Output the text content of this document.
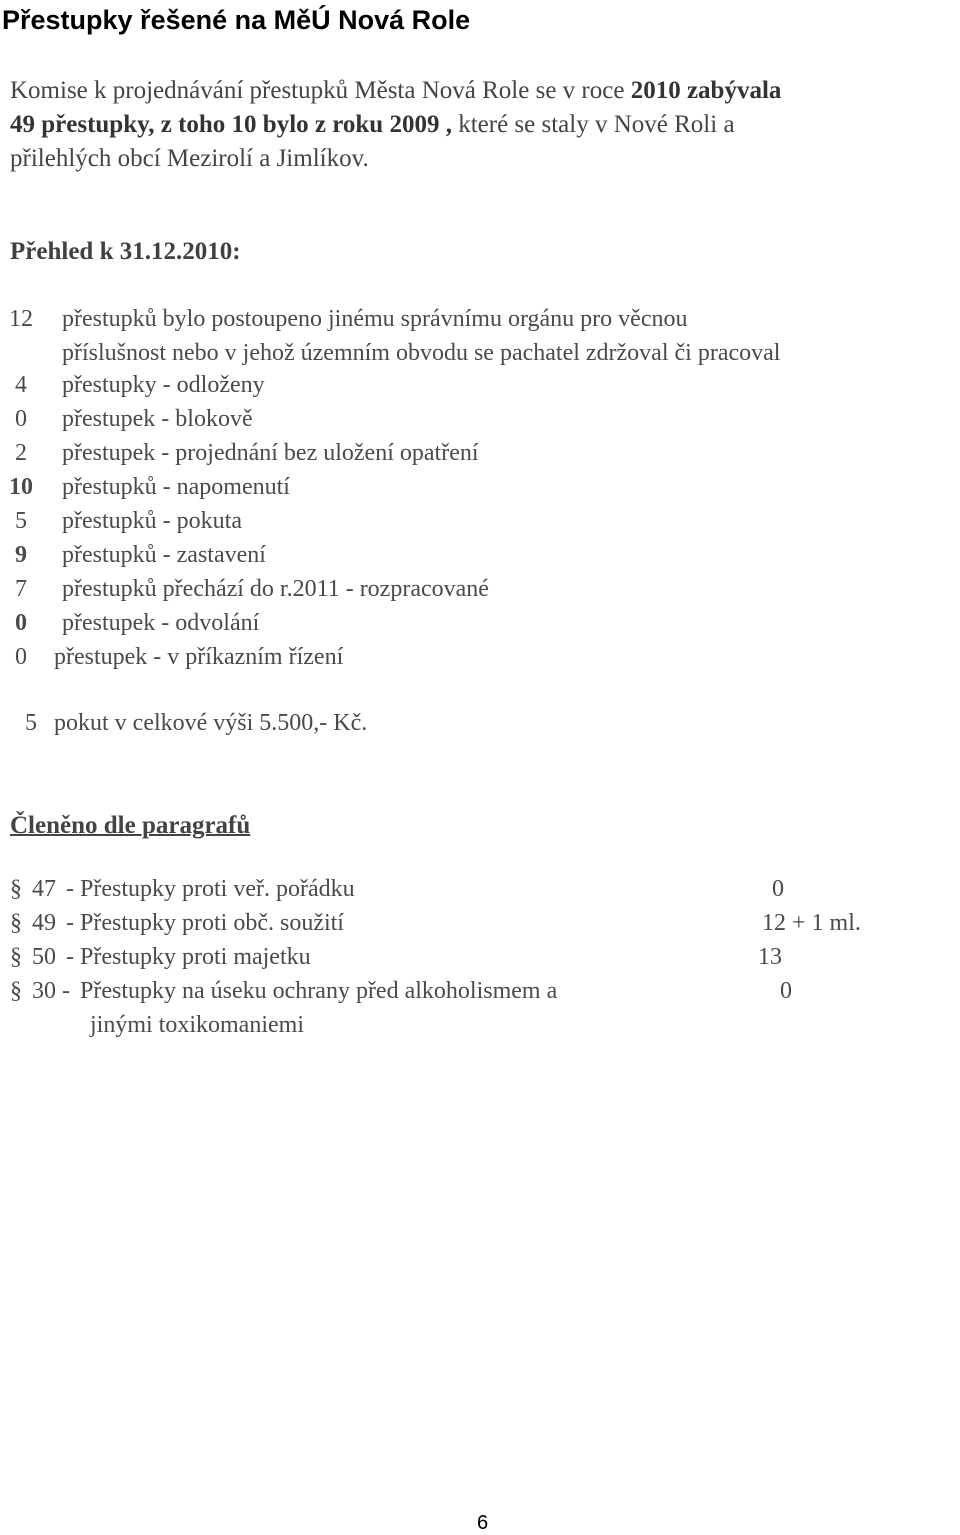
Přestupky řešené na MěÚ Nová Role
Komise k projednávání přestupků Města Nová Role se v roce 2010 zabývala
49 přestupky, z toho 10 bylo z roku 2009 , které se staly v Nové Roli a
přilehlých obcí Mezirolí a Jimlíkov.
Přehled k 31.12.2010:
12	přestupků bylo postoupeno jinému správnímu orgánu pro věcnou
příslušnost nebo v jehož územním obvodu se pachatel zdržoval či pracoval
4	přestupky - odloženy
0	přestupek - blokově
2	přestupek - projednání bez uložení opatření
10	přestupků - napomenutí
5	přestupků - pokuta
9	přestupků - zastavení
7	přestupků přechází do r.2011 - rozpracované
0	přestupek - odvolání
0	přestupek - v příkazním řízení
5 pokut v celkové výši 5.500,- Kč.
Členěno dle paragrafů
§ 47 - Přestupky proti veř. pořádku	0
§ 49 - Přestupky proti obč. soužití	12 + 1 ml.
§ 50 - Přestupky proti majetku	13
§ 30 - Přestupky na úseku ochrany před alkoholismem a	0
jinými toxikomaniemi
6
